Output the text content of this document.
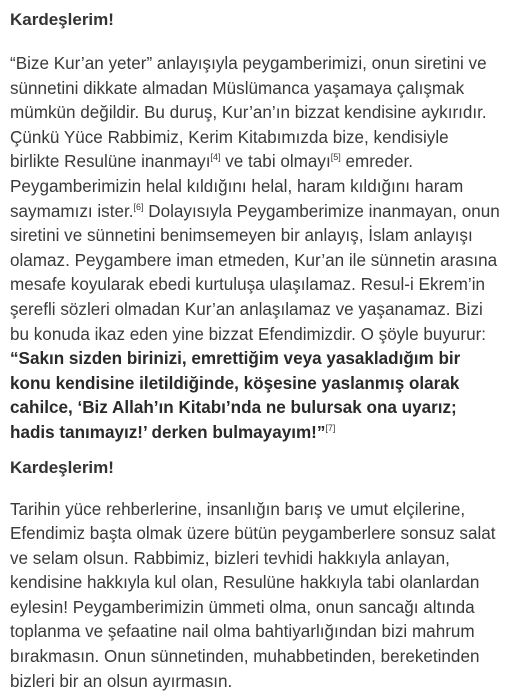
Kardeşlerim!

“Bize Kur’an yeter” anlayışıyla peygamberimizi, onun siretini ve sünnetini dikkate almadan Müslümanca yaşamaya çalışmak mümkün değildir. Bu duruş, Kur’an’ın bizzat kendisine aykırıdır. Çünkü Yüce Rabbimiz, Kerim Kitabımızda bize, kendisiyle birlikte Resulüne inanmayı[4] ve tabi olmayı[5] emreder. Peygamberimizin helal kıldığını helal, haram kıldığını haram saymamızı ister.[6] Dolayısıyla Peygamberimize inanmayan, onun siretini ve sünnetini benimsemeyen bir anlayış, İslam anlayışı olamaz. Peygambere iman etmeden, Kur’an ile sünnetin arasına mesafe koyularak ebedi kurtuluşa ulaşılamaz. Resul-i Ekrem’in şerefli sözleri olmadan Kur’an anlaşılamaz ve yaşanamaz. Bizi bu konuda ikaz eden yine bizzat Efendimizdir. O şöyle buyurur: “Sakın sizden birinizi, emrettiğim veya yasakladığım bir konu kendisine iletildiğinde, köşesine yaslanmış olarak cahilce, ‘Biz Allah’ın Kitabı’nda ne bulursak ona uyarız; hadis tanımayız!’ derken bulmayayım!”[7]

Kardeşlerim!

Tarihin yüce rehberlerine, insanlığın barış ve umut elçilerine, Efendimiz başta olmak üzere bütün peygamberlere sonsuz salat ve selam olsun. Rabbimiz, bizleri tevhidi hakkıyla anlayan, kendisine hakkıyla kul olan, Resulüne hakkıyla tabi olanlardan eylesin! Peygamberimizin ümmeti olma, onun sancağı altında toplanma ve şefaatine nail olma bahtiyarlığından bizi mahrum bırakmasın. Onun sünnetinden, muhabbetinden, bereketinden bizleri bir an olsun ayırmasın.
